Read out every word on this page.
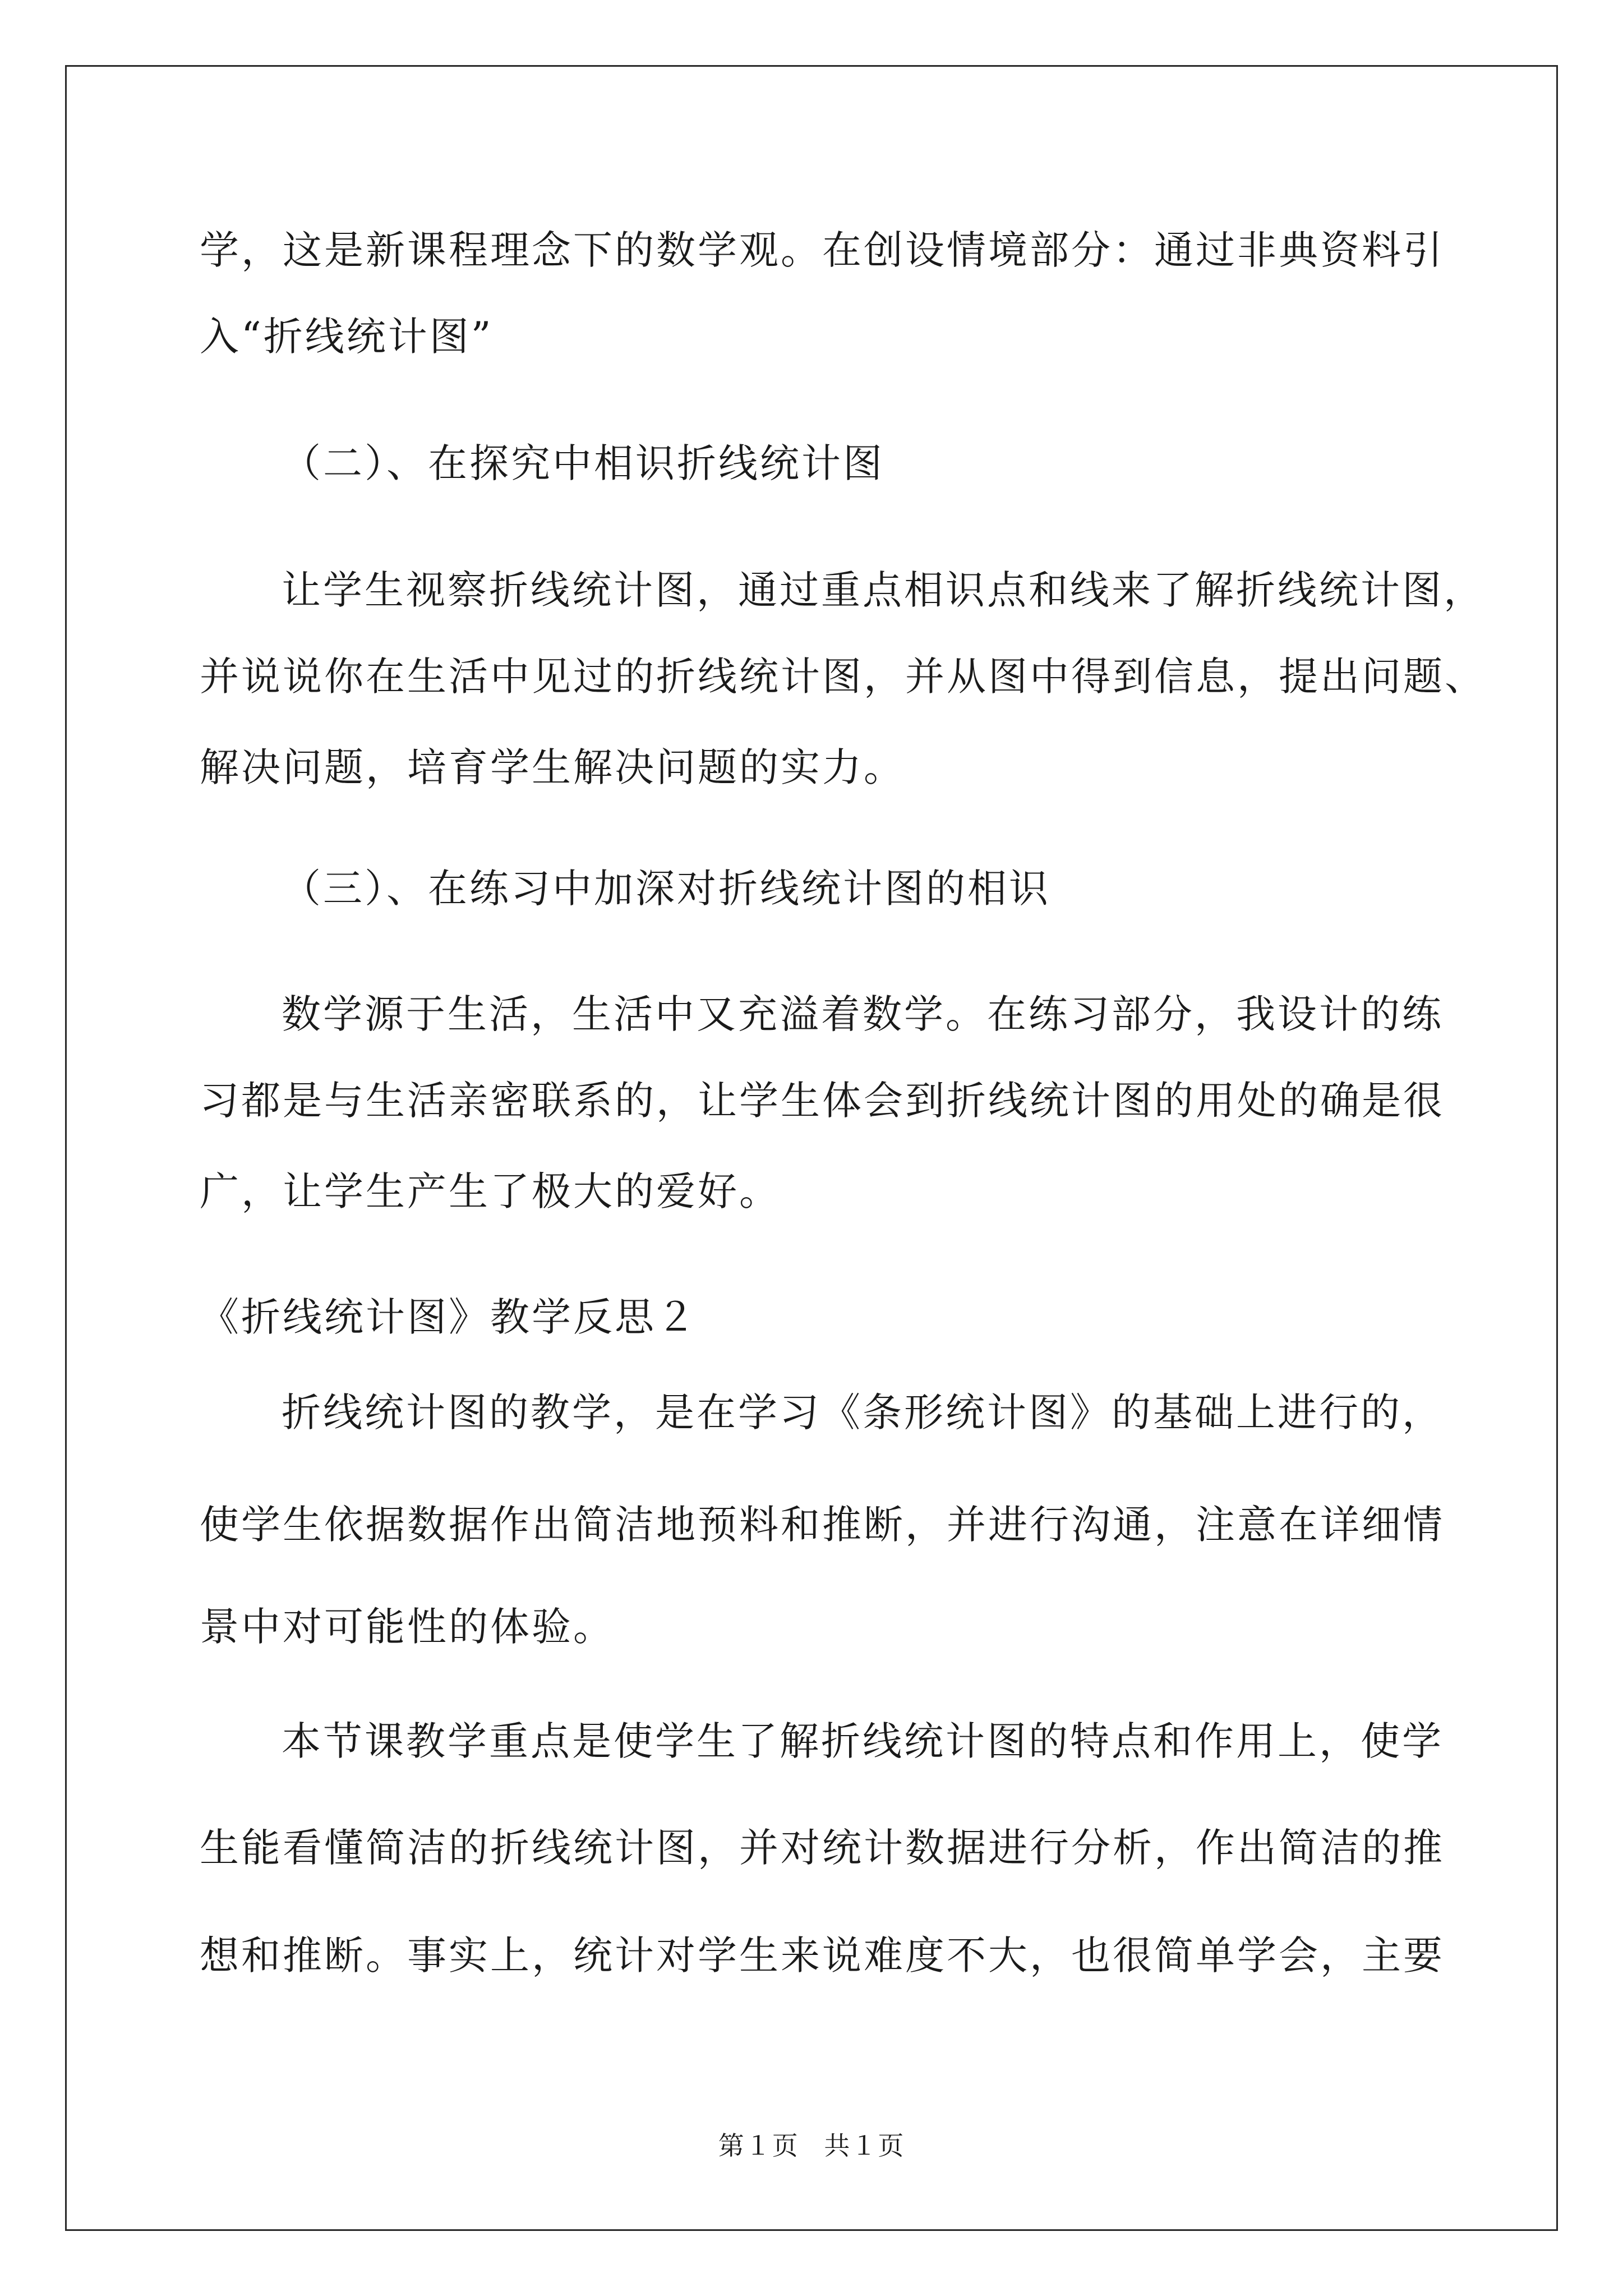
学，这是新课程理念下的数学观。在创设情境部分：通过非典资料引
入“折线统计图”
（二）、在探究中相识折线统计图
让学生视察折线统计图，通过重点相识点和线来了解折线统计图，
并说说你在生活中见过的折线统计图，并从图中得到信息，提出问题、
解决问题，培育学生解决问题的实力。
（三）、在练习中加深对折线统计图的相识
数学源于生活，生活中又充溢着数学。在练习部分，我设计的练
习都是与生活亲密联系的，让学生体会到折线统计图的用处的确是很
广，让学生产生了极大的爱好。
《折线统计图》教学反思２
折线统计图的教学，是在学习《条形统计图》的基础上进行的，
使学生依据数据作出简洁地预料和推断，并进行沟通，注意在详细情
景中对可能性的体验。
本节课教学重点是使学生了解折线统计图的特点和作用上，使学
生能看懂简洁的折线统计图，并对统计数据进行分析，作出简洁的推
想和推断。事实上，统计对学生来说难度不大，也很简单学会，主要
第１页 共１页
